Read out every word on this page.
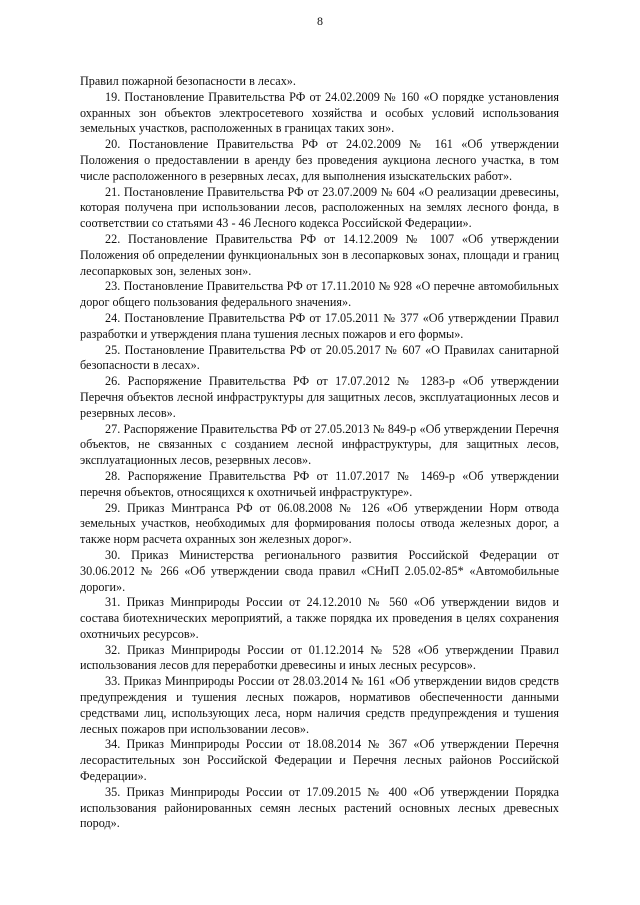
8

Правил пожарной безопасности в лесах».

19. Постановление Правительства РФ от 24.02.2009 № 160 «О порядке установления охранных зон объектов электросетевого хозяйства и особых условий использования земельных участков, расположенных в границах таких зон».

20. Постановление Правительства РФ от 24.02.2009 № 161 «Об утверждении Положения о предоставлении в аренду без проведения аукциона лесного участка, в том числе расположенного в резервных лесах, для выполнения изыскательских работ».

21. Постановление Правительства РФ от 23.07.2009 № 604 «О реализации древесины, которая получена при использовании лесов, расположенных на землях лесного фонда, в соответствии со статьями 43 - 46 Лесного кодекса Российской Федерации».

22. Постановление Правительства РФ от 14.12.2009 № 1007 «Об утверждении Положения об определении функциональных зон в лесопарковых зонах, площади и границ лесопарковых зон, зеленых зон».

23. Постановление Правительства РФ от 17.11.2010 № 928 «О перечне автомобильных дорог общего пользования федерального значения».

24. Постановление Правительства РФ от 17.05.2011 № 377 «Об утверждении Правил разработки и утверждения плана тушения лесных пожаров и его формы».

25. Постановление Правительства РФ от 20.05.2017 № 607 «О Правилах санитарной безопасности в лесах».

26. Распоряжение Правительства РФ от 17.07.2012 № 1283-р «Об утверждении Перечня объектов лесной инфраструктуры для защитных лесов, эксплуатационных лесов и резервных лесов».

27. Распоряжение Правительства РФ от 27.05.2013 № 849-р «Об утверждении Перечня объектов, не связанных с созданием лесной инфраструктуры, для защитных лесов, эксплуатационных лесов, резервных лесов».

28. Распоряжение Правительства РФ от 11.07.2017 № 1469-р «Об утверждении перечня объектов, относящихся к охотничьей инфраструктуре».

29. Приказ Минтранса РФ от 06.08.2008 № 126 «Об утверждении Норм отвода земельных участков, необходимых для формирования полосы отвода железных дорог, а также норм расчета охранных зон железных дорог».

30. Приказ Министерства регионального развития Российской Федерации от 30.06.2012 № 266 «Об утверждении свода правил «СНиП 2.05.02-85* «Автомобильные дороги».

31. Приказ Минприроды России от 24.12.2010 № 560 «Об утверждении видов и состава биотехнических мероприятий, а также порядка их проведения в целях сохранения охотничьих ресурсов».

32. Приказ Минприроды России от 01.12.2014 № 528 «Об утверждении Правил использования лесов для переработки древесины и иных лесных ресурсов».

33. Приказ Минприроды России от 28.03.2014 № 161 «Об утверждении видов средств предупреждения и тушения лесных пожаров, нормативов обеспеченности данными средствами лиц, использующих леса, норм наличия средств предупреждения и тушения лесных пожаров при использовании лесов».

34. Приказ Минприроды России от 18.08.2014 № 367 «Об утверждении Перечня лесорастительных зон Российской Федерации и Перечня лесных районов Российской Федерации».

35. Приказ Минприроды России от 17.09.2015 № 400 «Об утверждении Порядка использования районированных семян лесных растений основных лесных древесных пород».
